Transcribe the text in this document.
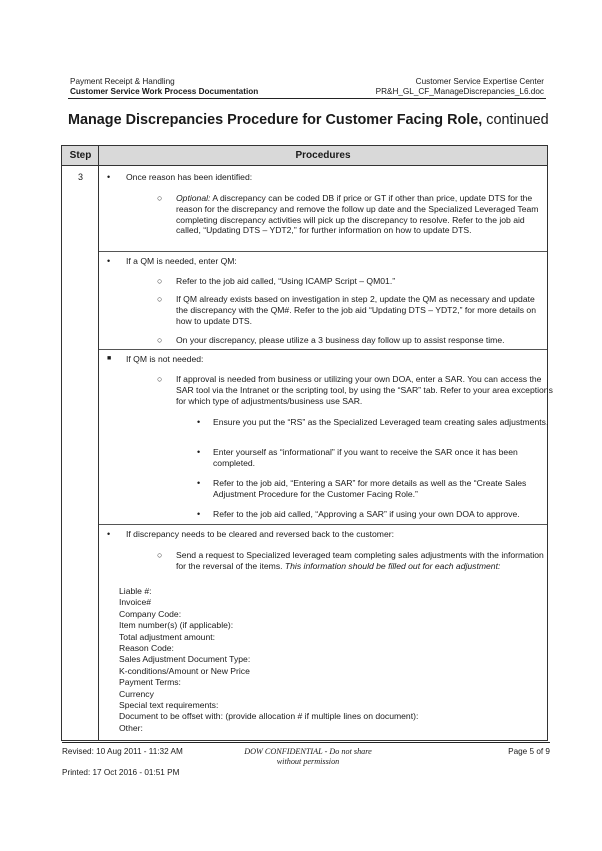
Payment Receipt & Handling
Customer Service Work Process Documentation
Customer Service Expertise Center
PR&H_GL_CF_ManageDiscrepancies_L6.doc
Manage Discrepancies Procedure for Customer Facing Role, continued
Step	Procedures
3	• Once reason has been identified:
○ Optional: A discrepancy can be coded DB if price or GT if other than price, update DTS for the reason for the discrepancy and remove the follow up date and the Specialized Leveraged Team completing discrepancy activities will pick up the discrepancy to resolve. Refer to the job aid called, “Updating DTS – YDT2,” for further information on how to update DTS.
• If a QM is needed, enter QM:
○ Refer to the job aid called, “Using ICAMP Script – QM01.”
○ If QM already exists based on investigation in step 2, update the QM as necessary and update the discrepancy with the QM#. Refer to the job aid “Updating DTS – YDT2,” for more details on how to update DTS.
○ On your discrepancy, please utilize a 3 business day follow up to assist response time.
■ If QM is not needed:
○ If approval is needed from business or utilizing your own DOA, enter a SAR. You can access the SAR tool via the Intranet or the scripting tool, by using the “SAR” tab. Refer to your area exceptions for which type of adjustments/business use SAR.
• Ensure you put the “RS” as the Specialized Leveraged team creating sales adjustments.
• Enter yourself as “informational” if you want to receive the SAR once it has been completed.
• Refer to the job aid, “Entering a SAR” for more details as well as the “Create Sales Adjustment Procedure for the Customer Facing Role.”
• Refer to the job aid called, “Approving a SAR” if using your own DOA to approve.
• If discrepancy needs to be cleared and reversed back to the customer:
○ Send a request to Specialized leveraged team completing sales adjustments with the information for the reversal of the items. This information should be filled out for each adjustment:
Liable #:
Invoice#
Company Code:
Item number(s) (if applicable):
Total adjustment amount:
Reason Code:
Sales Adjustment Document Type:
K-conditions/Amount or New Price
Payment Terms:
Currency
Special text requirements:
Document to be offset with: (provide allocation # if multiple lines on document):
Other:
Revised: 10 Aug 2011 - 11:32 AM	DOW CONFIDENTIAL - Do not share without permission
Page 5 of 9
Printed: 17 Oct 2016 - 01:51 PM
